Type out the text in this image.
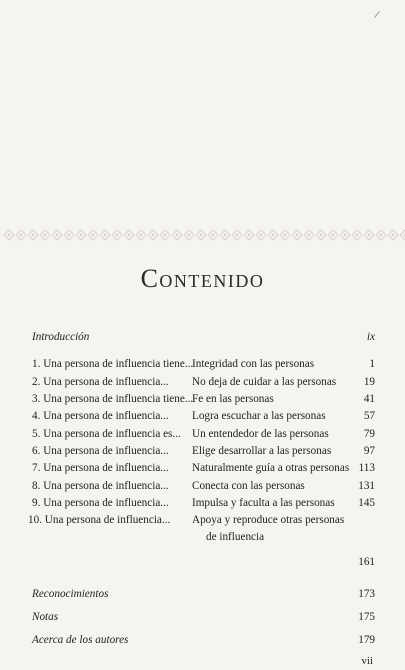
Contenido
Introducción	ix
1. Una persona de influencia tiene...
Integridad con las personas	1
2. Una persona de influencia... No deja de cuidar a las personas 19
3. Una persona de influencia tiene...
Fe en las personas	41
4. Una persona de influencia... Logra escuchar a las personas	57
5. Una persona de influencia es... Un entendedor de las personas	79
6. Una persona de influencia... Elige desarrollar a las personas	97
7. Una persona de influencia... Naturalmente guía a otras personas 113
8. Una persona de influencia... Conecta con las personas	131
9. Una persona de influencia... Impulsa y faculta a las personas 145
10. Una persona de influencia... Apoya y reproduce otras personas
de influencia
161
Reconocimientos	173
Notas	175
Acerca de los autores	179
vii
